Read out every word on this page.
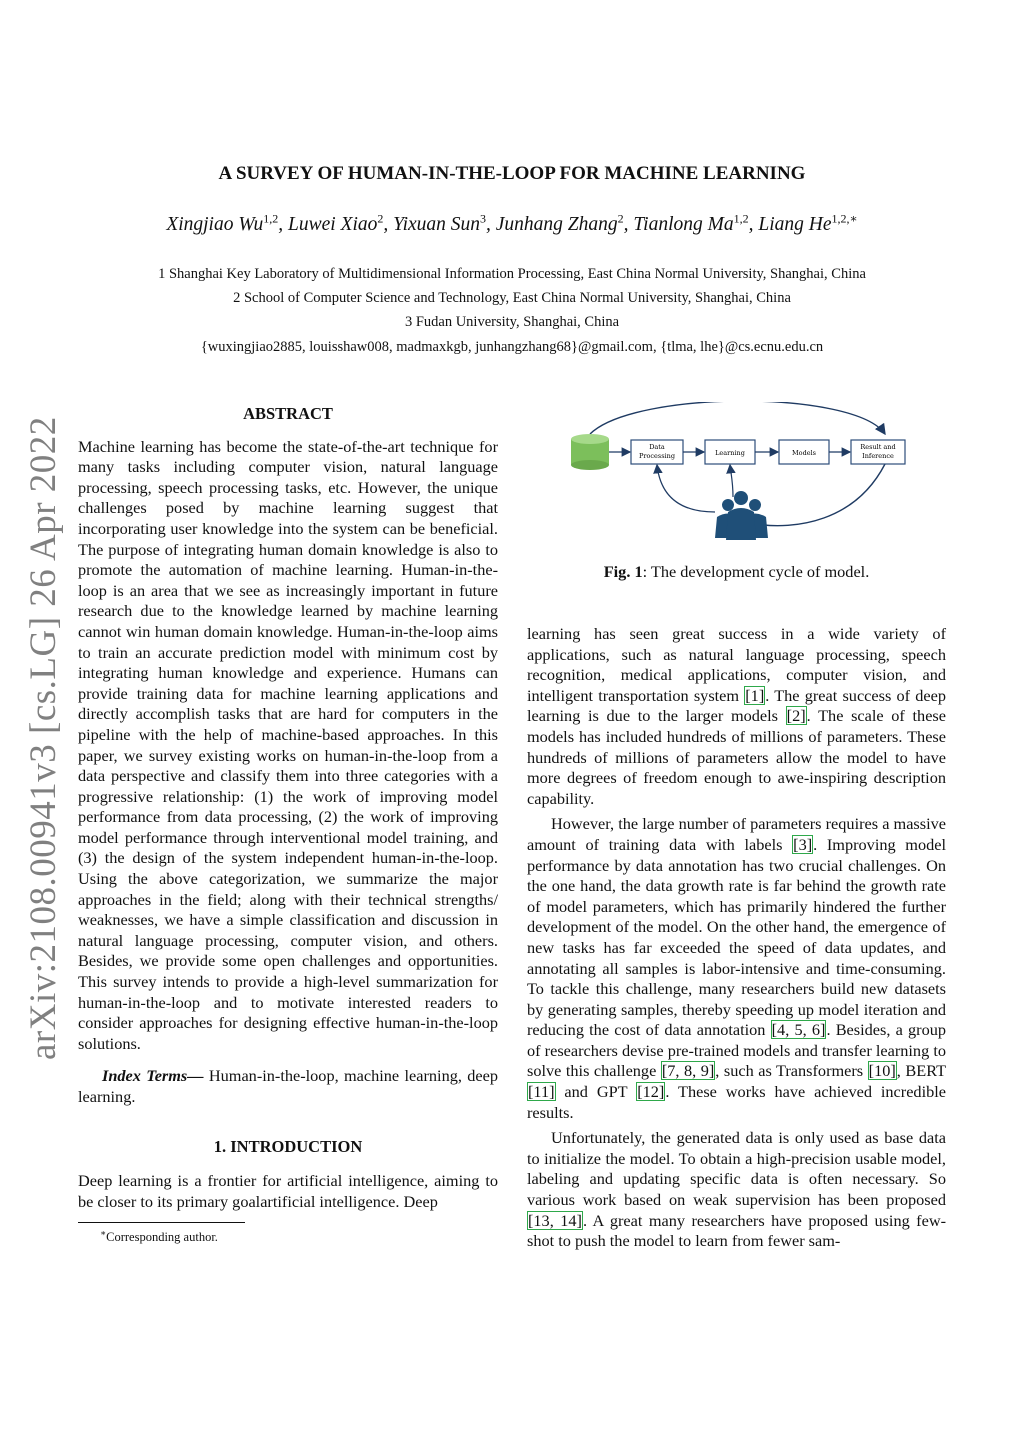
arXiv:2108.00941v3 [cs.LG] 26 Apr 2022
A SURVEY OF HUMAN-IN-THE-LOOP FOR MACHINE LEARNING
Xingjiao Wu$^{1,2}$, Luwei Xiao$^2$, Yixuan Sun$^3$, Junhang Zhang$^2$, Tianlong Ma$^{1,2}$, Liang $He^{1,2,∗}$
1 Shanghai Key Laboratory of Multidimensional Information Processing, East China Normal University, Shanghai, China
2 School of Computer Science and Technology, East China Normal University, Shanghai, China
3 Fudan University, Shanghai, China
{wuxingjiao2885, louisshaw008, madmaxkgb, junhangzhang68}@gmail.com, {tlma, lhe}@cs.ecnu.edu.cn
ABSTRACT

Machine learning has become the state-of-the-art technique for many tasks including computer vision, natural language processing, speech processing tasks, etc. However, the unique challenges posed by machine learning suggest that incorporating user knowledge into the system can be beneficial. The purpose of integrating human domain knowledge is also to promote the automation of machine learning. Human-in-the-loop is an area that we see as increasingly important in future research due to the knowledge learned by machine learning cannot win human domain knowledge. Human-in-the-loop aims to train an accurate prediction model with minimum cost by integrating human knowledge and experience. Humans can provide training data for machine learning applications and directly accomplish tasks that are hard for computers in the pipeline with the help of machine-based approaches. In this paper, we survey existing works on human-in-the-loop from a data perspective and classify them into three categories with a progressive relationship: (1) the work of improving model performance from data processing, (2) the work of improving model performance through interventional model training, and (3) the design of the system independent human-in-the-loop. Using the above categorization, we summarize the major approaches in the field; along with their technical strengths/ weaknesses, we have a simple classification and discussion in natural language processing, computer vision, and others. Besides, we provide some open challenges and opportunities. This survey intends to provide a high-level summarization for human-in-the-loop and to motivate interested readers to consider approaches for designing effective human-in-the-loop solutions.

Index Terms— Human-in-the-loop, machine learning, deep learning.

1. INTRODUCTION

Deep learning is a frontier for artificial intelligence, aiming to be closer to its primary goalartificial intelligence. Deep

∗Corresponding author.
Data
Processing	Learning	Models
Result and
Inference
Fig. 1: The development cycle of model.

learning has seen great success in a wide variety of applications, such as natural language processing, speech recognition, medical applications, computer vision, and intelligent transportation system [1]. The great success of deep learning is due to the larger models [2]. The scale of these models has included hundreds of millions of parameters. These hundreds of millions of parameters allow the model to have more degrees of freedom enough to awe-inspiring description capability.

However, the large number of parameters requires a massive amount of training data with labels [3]. Improving model performance by data annotation has two crucial challenges. On the one hand, the data growth rate is far behind the growth rate of model parameters, which has primarily hindered the further development of the model. On the other hand, the emergence of new tasks has far exceeded the speed of data updates, and annotating all samples is labor-intensive and time-consuming. To tackle this challenge, many researchers build new datasets by generating samples, thereby speeding up model iteration and reducing the cost of data annotation [4, 5, 6]. Besides, a group of researchers devise pre-trained models and transfer learning to solve this challenge [7, 8, 9], such as Transformers [10], BERT [11] and GPT [12]. These works have achieved incredible results.

Unfortunately, the generated data is only used as base data to initialize the model. To obtain a high-precision usable model, labeling and updating specific data is often necessary. So various work based on weak supervision has been proposed [13, 14]. A great many researchers have proposed using few-shot to push the model to learn from fewer sam-
